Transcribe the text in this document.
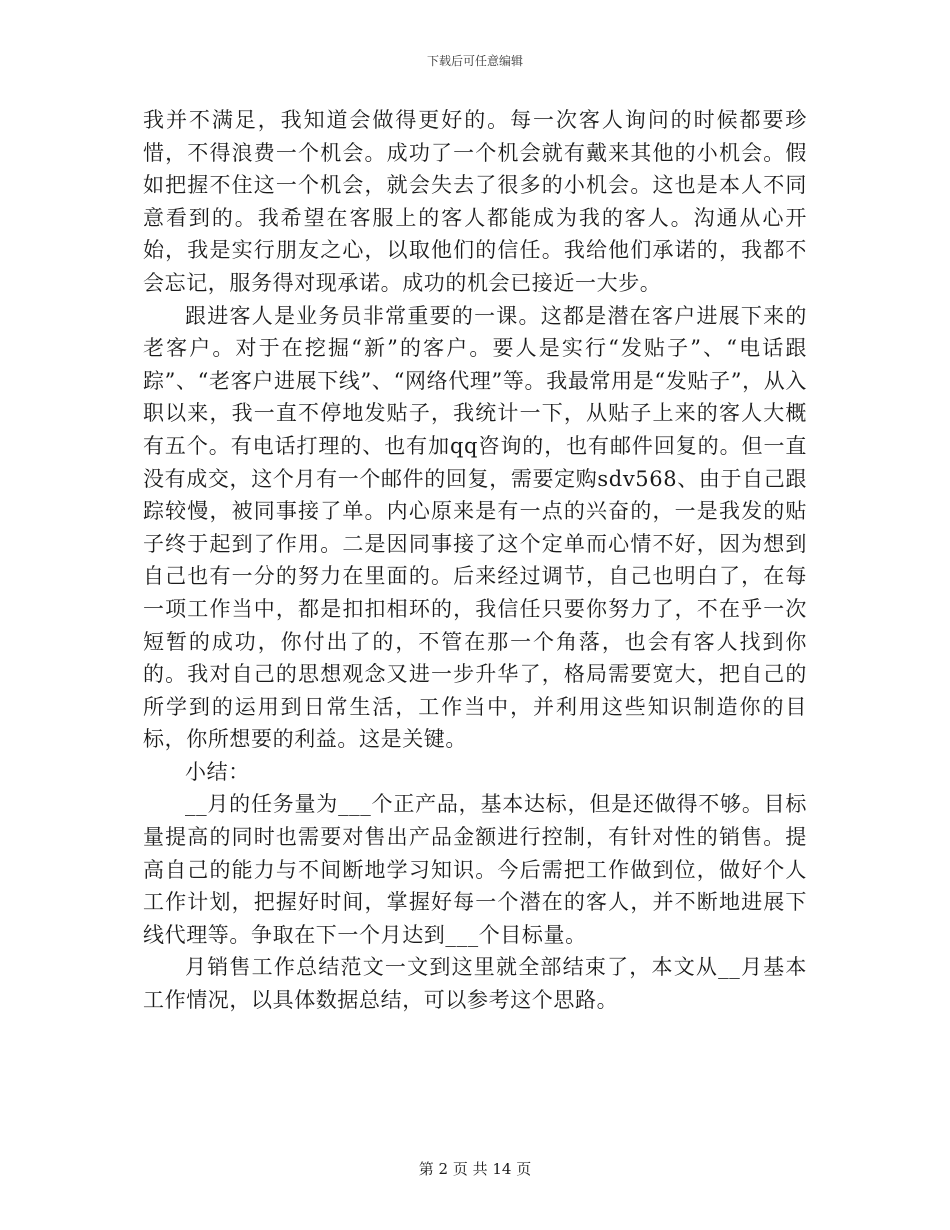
下载后可任意编辑

我并不满足，我知道会做得更好的。每一次客人询问的时候都要珍惜，不得浪费一个机会。成功了一个机会就有戴来其他的小机会。假如把握不住这一个机会，就会失去了很多的小机会。这也是本人不同意看到的。我希望在客服上的客人都能成为我的客人。沟通从心开始，我是实行朋友之心，以取他们的信任。我给他们承诺的，我都不会忘记，服务得对现承诺。成功的机会已接近一大步。

跟进客人是业务员非常重要的一课。这都是潜在客户进展下来的老客户。对于在挖掘“新”的客户。要人是实行“发贴子”、“电话跟踪”、“老客户进展下线”、“网络代理”等。我最常用是“发贴子”，从入职以来，我一直不停地发贴子，我统计一下，从贴子上来的客人大概有五个。有电话打理的、也有加qq咨询的，也有邮件回复的。但一直没有成交，这个月有一个邮件的回复，需要定购sdv568、由于自己跟踪较慢，被同事接了单。内心原来是有一点的兴奋的，一是我发的贴子终于起到了作用。二是因同事接了这个定单而心情不好，因为想到自己也有一分的努力在里面的。后来经过调节，自己也明白了，在每一项工作当中，都是扣扣相环的，我信任只要你努力了，不在乎一次短暂的成功，你付出了的，不管在那一个角落，也会有客人找到你的。我对自己的思想观念又进一步升华了，格局需要宽大，把自己的所学到的运用到日常生活，工作当中，并利用这些知识制造你的目标，你所想要的利益。这是关键。

小结：

__月的任务量为___个正产品，基本达标，但是还做得不够。目标量提高的同时也需要对售出产品金额进行控制，有针对性的销售。提高自己的能力与不间断地学习知识。今后需把工作做到位，做好个人工作计划，把握好时间，掌握好每一个潜在的客人，并不断地进展下线代理等。争取在下一个月达到___个目标量。

月销售工作总结范文一文到这里就全部结束了，本文从__月基本工作情况，以具体数据总结，可以参考这个思路。

第 2 页 共 14 页
